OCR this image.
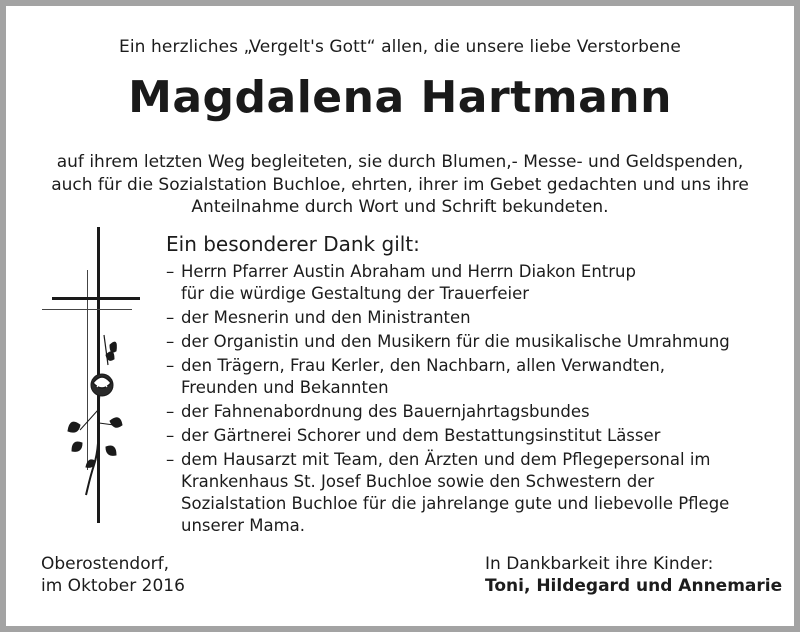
Ein herzliches „Vergelt's Gott“ allen, die unsere liebe Verstorbene
Magdalena Hartmann
auf ihrem letzten Weg begleiteten, sie durch Blumen,- Messe- und Geldspenden,
auch für die Sozialstation Buchloe, ehrten, ihrer im Gebet gedachten und uns ihre
Anteilnahme durch Wort und Schrift bekundeten.
Ein besonderer Dank gilt:
– Herrn Pfarrer Austin Abraham und Herrn Diakon Entrup
für die würdige Gestaltung der Trauerfeier
– der Mesnerin und den Ministranten
– der Organistin und den Musikern für die musikalische Umrahmung
– den Trägern, Frau Kerler, den Nachbarn, allen Verwandten,
Freunden und Bekannten
– der Fahnenabordnung des Bauernjahrtagsbundes
– der Gärtnerei Schorer und dem Bestattungsinstitut Lässer
– dem Hausarzt mit Team, den Ärzten und dem Pflegepersonal im
Krankenhaus St. Josef Buchloe sowie den Schwestern der
Sozialstation Buchloe für die jahrelange gute und liebevolle Pflege
unserer Mama.
Oberostendorf,
im Oktober 2016
In Dankbarkeit ihre Kinder:
Toni, Hildegard und Annemarie
